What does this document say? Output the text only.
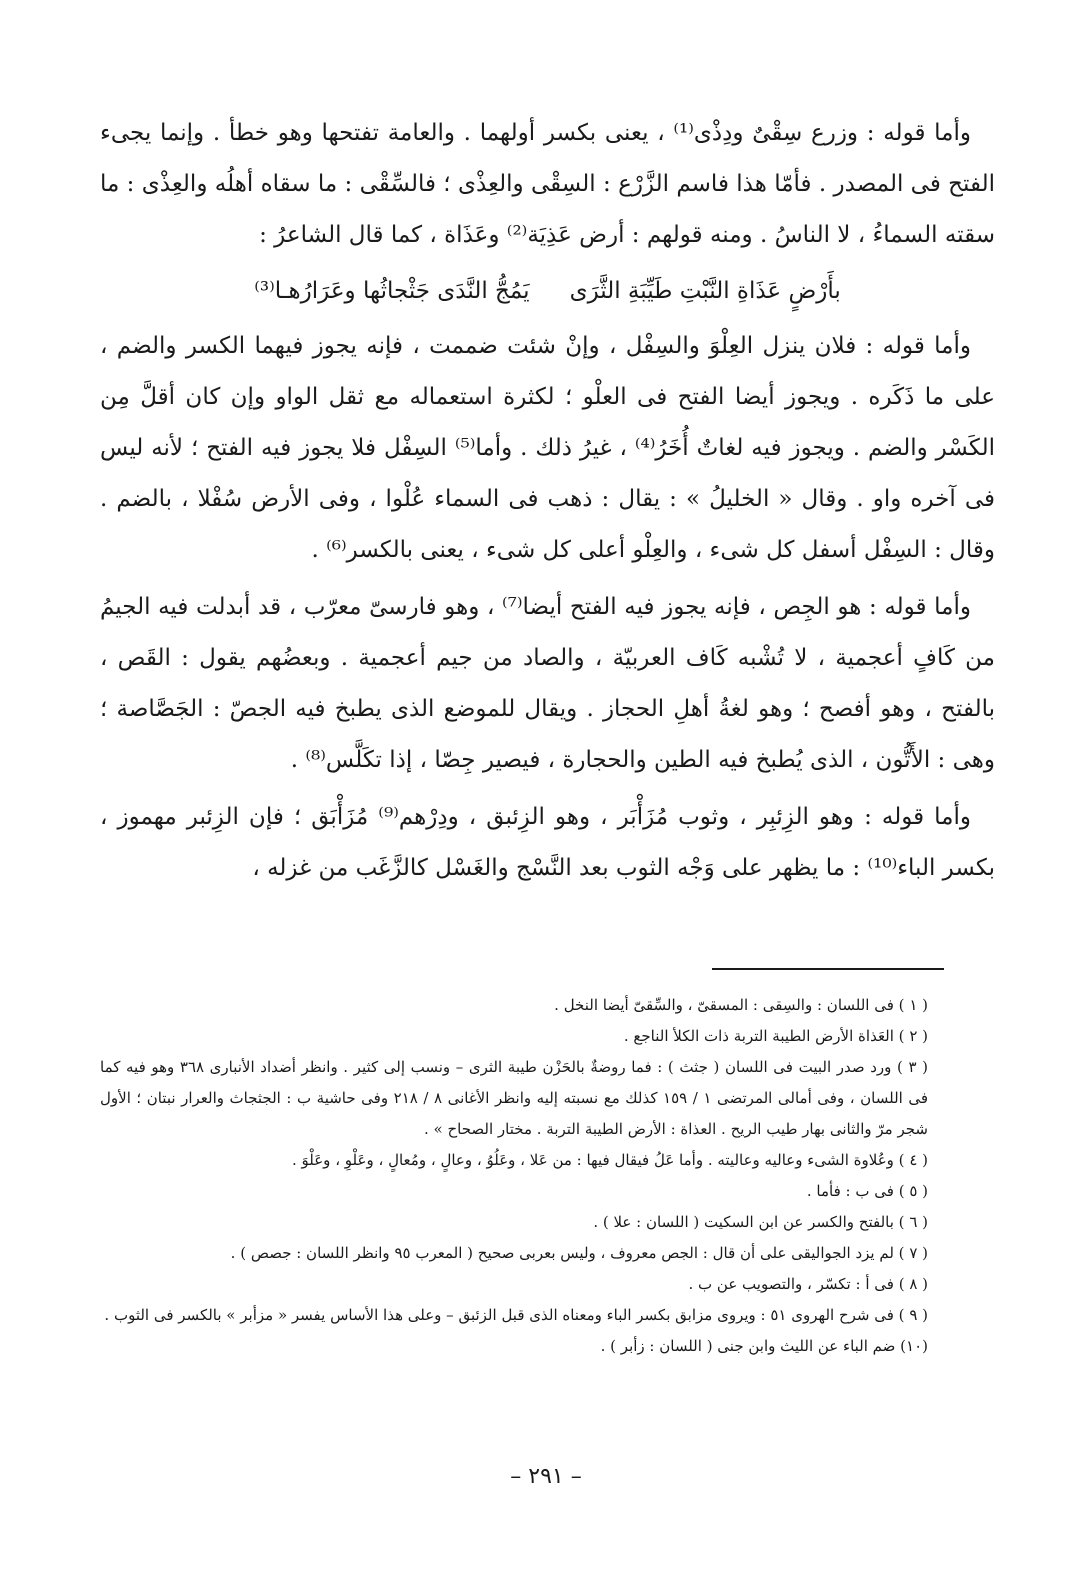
وأما قوله : وزرع سِقْىٌ ودِذْى⁽¹⁾ ، يعنى بكسر أولهما . والعامة تفتحها وهو خطأ . وإنما يجىء الفتح فى المصدر . فأمّا هذا فاسم الزَّرْع : السِقْى والعِذْى ؛ فالسِّقْى : ما سقاه أهلُه والعِذْى : ما سقته السماءُ ، لا الناسُ . ومنه قولهم : أرض عَذِيَة⁽²⁾ وعَذَاة ، كما قال الشاعرُ :

بأَرْضٍ عَذَاةِ النَّبْتِ طَيِّبَةِ الثَّرَى
يَمُجُّ النَّدَى جَثْجاثُها وعَرَارُهـا⁽³⁾

وأما قوله : فلان ينزل العِلْوَ والسِفْل ، وإنْ شئت ضممت ، فإنه يجوز فيهما الكسر والضم ، على ما ذَكَره . ويجوز أيضا الفتح فى العلْو ؛ لكثرة استعماله مع ثقل الواو وإن كان أقلَّ مِن الكَسْر والضم . ويجوز فيه لغاتٌ أُخَرُ⁽⁴⁾ ، غيرُ ذلك . وأما⁽⁵⁾ السِفْل فلا يجوز فيه الفتح ؛ لأنه ليس فى آخره واو . وقال « الخليلُ » : يقال : ذهب فى السماء عُلْوا ، وفى الأرض سُفْلا ، بالضم . وقال : السِفْل أسفل كل شىء ، والعِلْو أعلى كل شىء ، يعنى بالكسر⁽⁶⁾ .

وأما قوله : هو الجِص ، فإنه يجوز فيه الفتح أيضا⁽⁷⁾ ، وهو فارسىّ معرّب ، قد أبدلت فيه الجيمُ من كَافٍ أعجمية ، لا تُشْبه كَاف العربيّة ، والصاد من جيم أعجمية . وبعضُهم يقول : القَص ، بالفتح ، وهو أفصح ؛ وهو لغةُ أهلِ الحجاز . ويقال للموضع الذى يطبخ فيه الجصّ : الجَصَّاصة ؛ وهى : الأَتُّون ، الذى يُطبخ فيه الطين والحجارة ، فيصير جِصّا ، إذا تكَلَّس⁽⁸⁾ .

وأما قوله : وهو الزِئبِر ، وثوب مُزَأْبَر ، وهو الزِئبق ، ودِرْهم⁽⁹⁾ مُزَأْبَق ؛ فإن الزِئبر مهموز ، بكسر الباء⁽¹⁰⁾ : ما يظهر على وَجْه الثوب بعد النَّسْج والغَسْل كالزَّغَب من غزله ،

( ١ ) فى اللسان : والسِقى : المسقىّ ، والسِّقىّ أيضا النخل .

( ٢ ) العَذاة الأرض الطيبة التربة ذات الكلأ الناجع .

( ٣ ) ورد صدر البيت فى اللسان ( جثث ) : فما روضةٌ بالحَزْن طيبة الثرى – ونسب إلى كثير . وانظر أضداد الأنبارى ٣٦٨ وهو فيه كما فى اللسان ، وفى أمالى المرتضى ١ / ١٥٩ كذلك مع نسبته إليه وانظر الأغانى ٨ / ٢١٨ وفى حاشية ب : الجثجاث والعرار نبتان ؛ الأول شجر مرّ والثانى بهار طيب الريح . العذاة : الأرض الطيبة التربة . مختار الصحاح » .

( ٤ ) وعُلاوة الشىء وعاليه وعاليته . وأما عَلُ فيقال فيها : من عَلا ، وعَلُوُ ، وعالٍ ، ومُعالٍ ، وعَلْوِ ، وعَلْوَ .

( ٥ ) فى ب : فأما .

( ٦ ) بالفتح والكسر عن ابن السكيت ( اللسان : علا ) .

( ٧ ) لم يزد الجواليقى على أن قال : الجص معروف ، وليس بعربى صحيح ( المعرب ٩٥ وانظر اللسان : جصص ) .

( ٨ ) فى أ : تكسّر ، والتصويب عن ب .

( ٩ ) فى شرح الهروى ٥١ : ويروى مزابق بكسر الباء ومعناه الذى قبل الزئبق – وعلى هذا الأساس يفسر « مزأبر » بالكسر فى الثوب .

(١٠) ضم الباء عن الليث وابن جنى ( اللسان : زأبر ) .

– ٢٩١ –
